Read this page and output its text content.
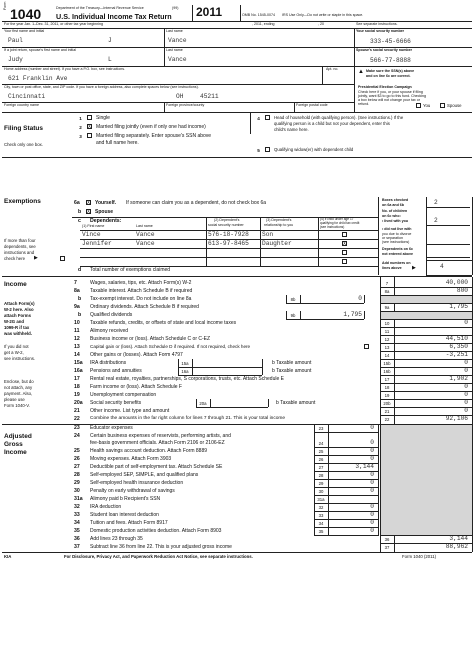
Form
1040	Department of the Treasury—Internal Revenue Service	(99)
U.S. Individual Income Tax Return 2011	OMB No. 1545-0074 IRS Use Only—Do not write or staple in this space.
For the year Jan. 1–Dec. 31, 2011, or other tax year beginning	, 2011, ending	, 20	See separate instructions.
Your first name and initial	Last name	Your social security number
Paul	J	Vance	333-45-6666
If a joint return, spouse's first name and initial	Last name	Spouse's social security number
Judy	L	Vance	566-77-8888
Home address (number and street). If you have a P.O. box, see instructions.	Apt. no.
621 Franklin Ave
▲ Make sure the SSN(s) above
and on line 6c are correct.
City, town or post office, state, and ZIP code. If you have a foreign address, also complete spaces below (see instructions).
Cincinnati	OH	45211
Foreign country name	Foreign province/county	Foreign postal code
Presidential Election Campaign
Check here if you, or your spouse if filing
jointly, want $3 to go to this fund. Checking
a box below will not change your tax or
refund.	You	Spouse
Filing Status
Check only one box.
1	Single
2	X Married filing jointly (even if only one had income)
3	Married filing separately. Enter spouse's SSN above
and full name here.
4	Head of household (with qualifying person). (See instructions.) If the
qualifying person is a child but not your dependent, enter this
child's name here.
5	Qualifying widow(er) with dependent child
Exemptions	6a X Yourself. If someone can claim you as a dependent, do not check box 6a
b X Spouse
c Dependents:
(1) First name	Last name
(2) Dependent's
social security number
(3) Dependent's
relationship to you
(4) if child under age 17
qualifying for child tax credit
(see instructions)
Vince	Vance	576-18-7928 Son
Jennifer	Vance	613-97-8465 Daughter	X
If more than four
dependents, see
instructions and
check here ▶
d Total number of exemptions claimed
Boxes checked
on 6a and 6b	2
No. of children
on 6c who:
• lived with you	2
• did not live with
you due to divorce
or separation
(see instructions)
Dependents on 6c
not entered above
Add numbers on
lines above ▶	4
Income
Attach Form(s)
W-2 here. Also
attach Forms
W-2G and
1099-R if tax
was withheld.
If you did not
get a W-2,
see instructions.
Enclose, but do
not attach, any
payment. Also,
please use
Form 1040-V.
7	Wages, salaries, tips, etc. Attach Form(s) W-2	7	40,000
8a Taxable interest. Attach Schedule B if required	8a	800
b Tax-exempt interest. Do not include on line 8a	8b	0
9a Ordinary dividends. Attach Schedule B if required	9a	1,795
b Qualified dividends	9b	1,795
10 Taxable refunds, credits, or offsets of state and local income taxes	10	0
11 Alimony received	11
12 Business income or (loss). Attach Schedule C or C-EZ	12	44,510
13 Capital gain or (loss). Attach Schedule D if required. If not required, check here	13	6,350
14 Other gains or (losses). Attach Form 4797	14	-3,251
15a IRA distributions	15a	b Taxable amount	15b	0
16a Pensions and annuities	16a	b Taxable amount	16b	0
17 Rental real estate, royalties, partnerships, S corporations, trusts, etc. Attach Schedule E	17	1,902
18 Farm income or (loss). Attach Schedule F	18	0
19 Unemployment compensation	19	0
20a Social security benefits	20a	b Taxable amount	20b	0
21 Other income. List type and amount	21	0
22 Combine the amounts in the far right column for lines 7 through 21. This is your total income	22	92,106
Adjusted
Gross
Income
23 Educator expenses	23	0
24 Certain business expenses of reservists, performing artists, and
fee-basis government officials. Attach Form 2106 or 2106-EZ	24	0
25 Health savings account deduction. Attach Form 8889	25	0
26 Moving expenses. Attach Form 3903	26	0
27 Deductible part of self-employment tax. Attach Schedule SE	27	3,144
28 Self-employed SEP, SIMPLE, and qualified plans	28	0
29 Self-employed health insurance deduction	29	0
30 Penalty on early withdrawal of savings	30	0
31a Alimony paid b Recipient's SSN	31a
32 IRA deduction	32	0
33 Student loan interest deduction	33	0
34 Tuition and fees. Attach Form 8917	34	0
35 Domestic production activities deduction. Attach Form 8903	35	0
36 Add lines 23 through 35	36	3,144
37 Subtract line 36 from line 22. This is your adjusted gross income	37	88,962
KIA	For Disclosure, Privacy Act, and Paperwork Reduction Act Notice, see separate instructions.	Form 1040 (2011)
